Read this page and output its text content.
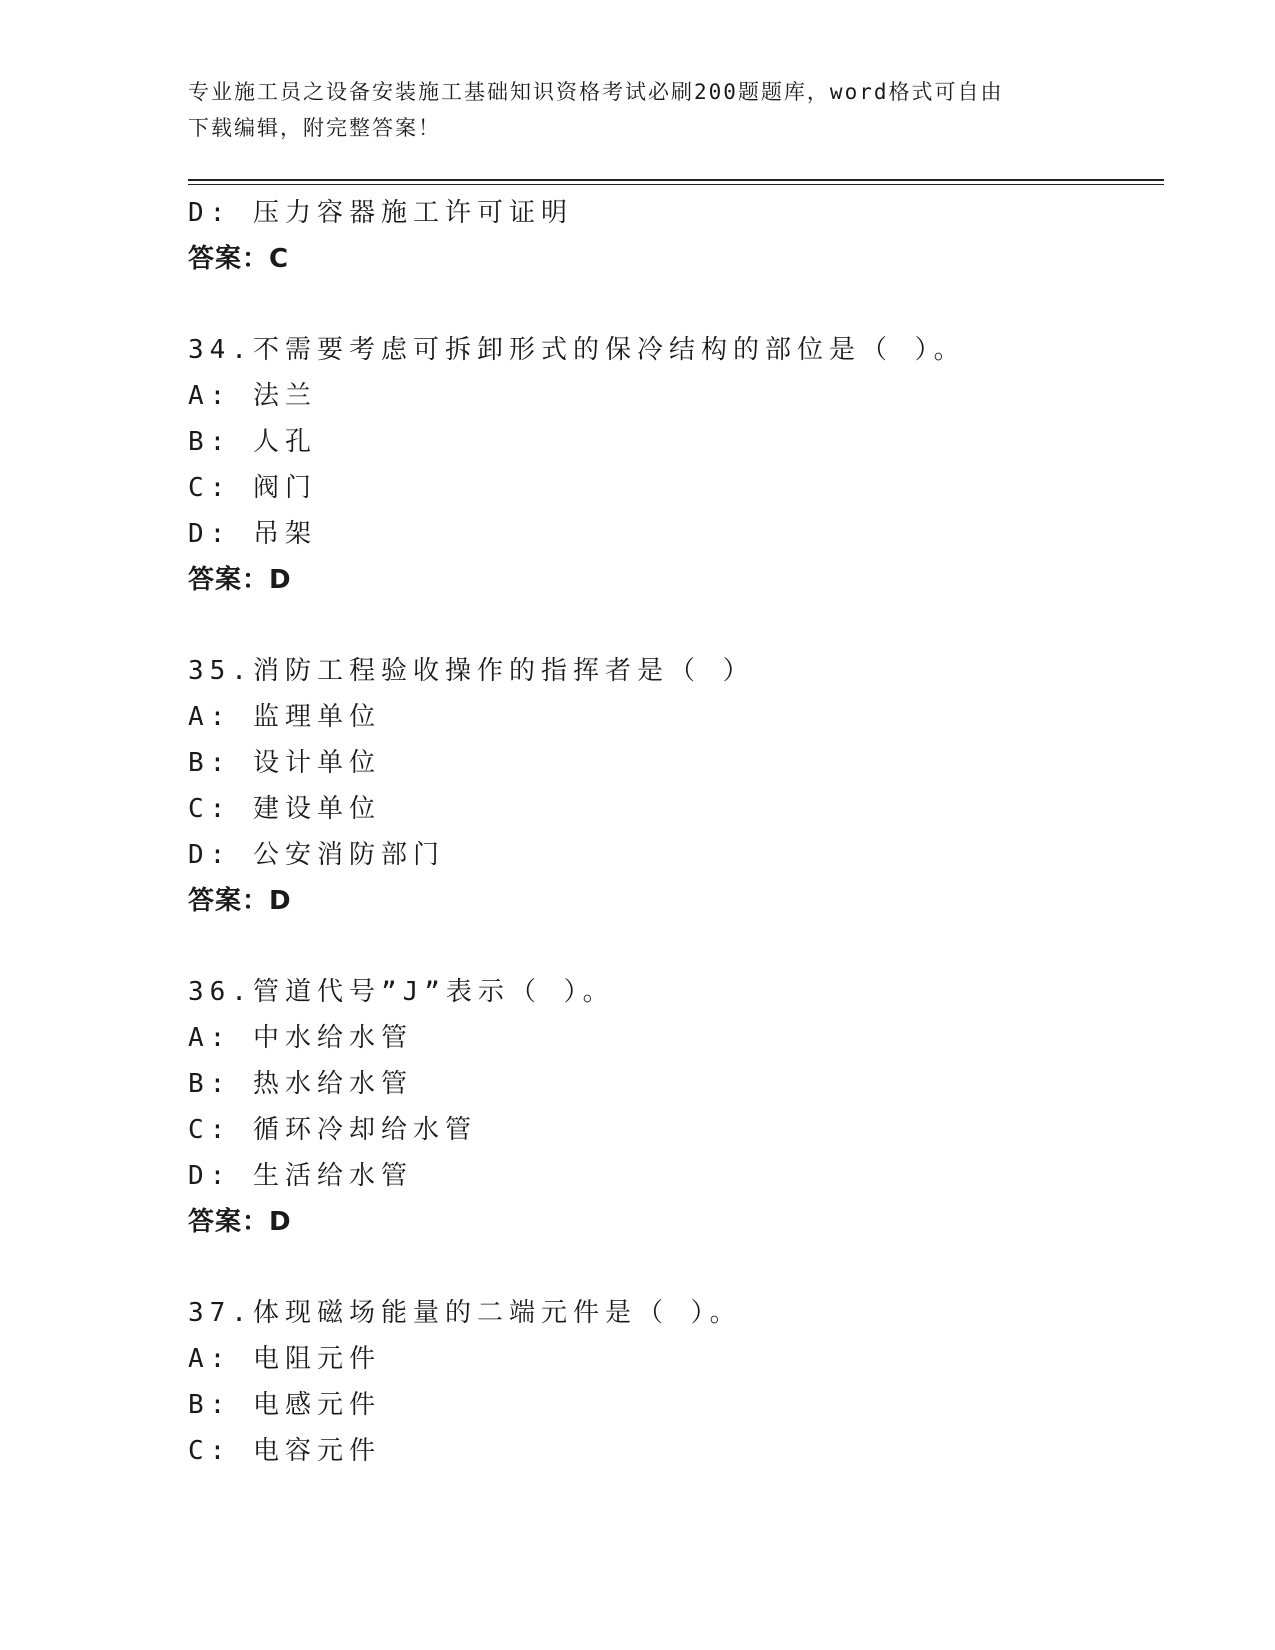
专业施工员之设备安装施工基础知识资格考试必刷200题题库，word格式可自由
下载编辑，附完整答案！
D: 压力容器施工许可证明
答案：C
34.不需要考虑可拆卸形式的保冷结构的部位是（ ）。
A: 法兰
B: 人孔
C: 阀门
D: 吊架
答案：D
35.消防工程验收操作的指挥者是（ ）
A: 监理单位
B: 设计单位
C: 建设单位
D: 公安消防部门
答案：D
36.管道代号”J”表示（ ）。
A: 中水给水管
B: 热水给水管
C: 循环冷却给水管
D: 生活给水管
答案：D
37.体现磁场能量的二端元件是（ ）。
A: 电阻元件
B: 电感元件
C: 电容元件
